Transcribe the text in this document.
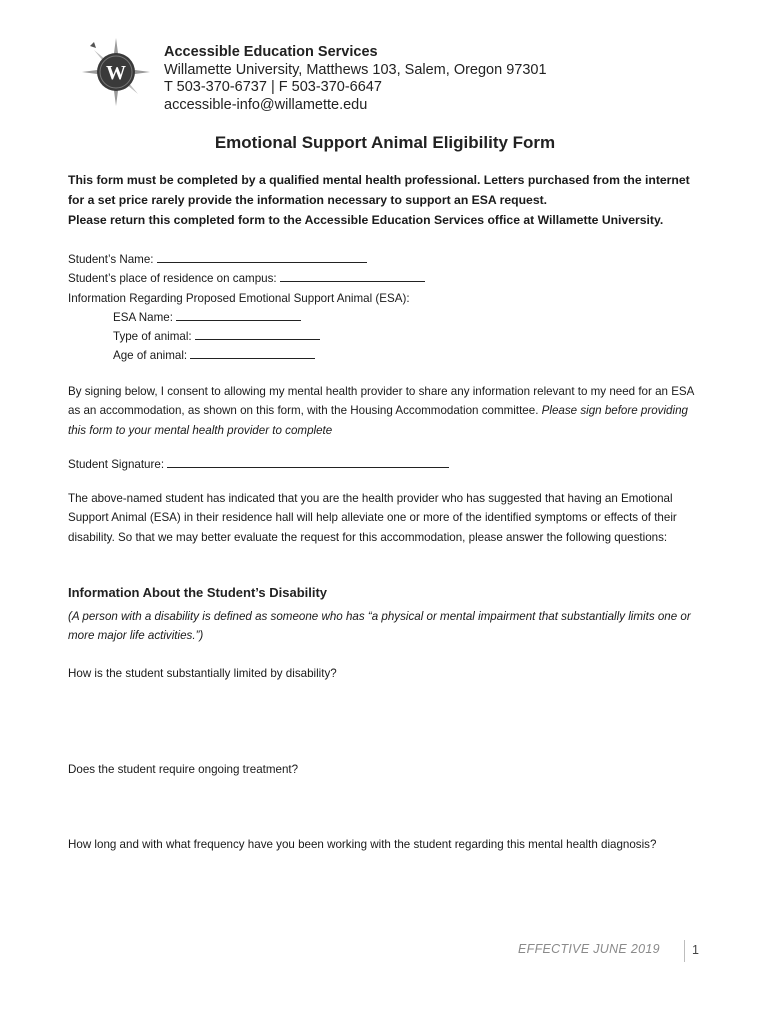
W
Accessible Education Services
Willamette University, Matthews 103, Salem, Oregon 97301
T 503-370-6737 | F 503-370-6647
accessible-info@willamette.edu
Emotional Support Animal Eligibility Form
This form must be completed by a qualified mental health professional. Letters purchased from the internet
for a set price rarely provide the information necessary to support an ESA request.
Please return this completed form to the Accessible Education Services office at Willamette University.
Student’s Name:
Student’s place of residence on campus:
Information Regarding Proposed Emotional Support Animal (ESA):
ESA Name:
Type of animal:
Age of animal:
By signing below, I consent to allowing my mental health provider to share any information relevant to my need for an ESA as an accommodation, as shown on this form, with the Housing Accommodation committee. Please sign before providing this form to your mental health provider to complete
Student Signature:
The above-named student has indicated that you are the health provider who has suggested that having an Emotional Support Animal (ESA) in their residence hall will help alleviate one or more of the identified symptoms or effects of their disability. So that we may better evaluate the request for this accommodation, please answer the following questions:
Information About the Student’s Disability
(A person with a disability is defined as someone who has “a physical or mental impairment that substantially limits one or more major life activities.”)
How is the student substantially limited by disability?
Does the student require ongoing treatment?
How long and with what frequency have you been working with the student regarding this mental health diagnosis?
EFFECTIVE JUNE 2019	1
